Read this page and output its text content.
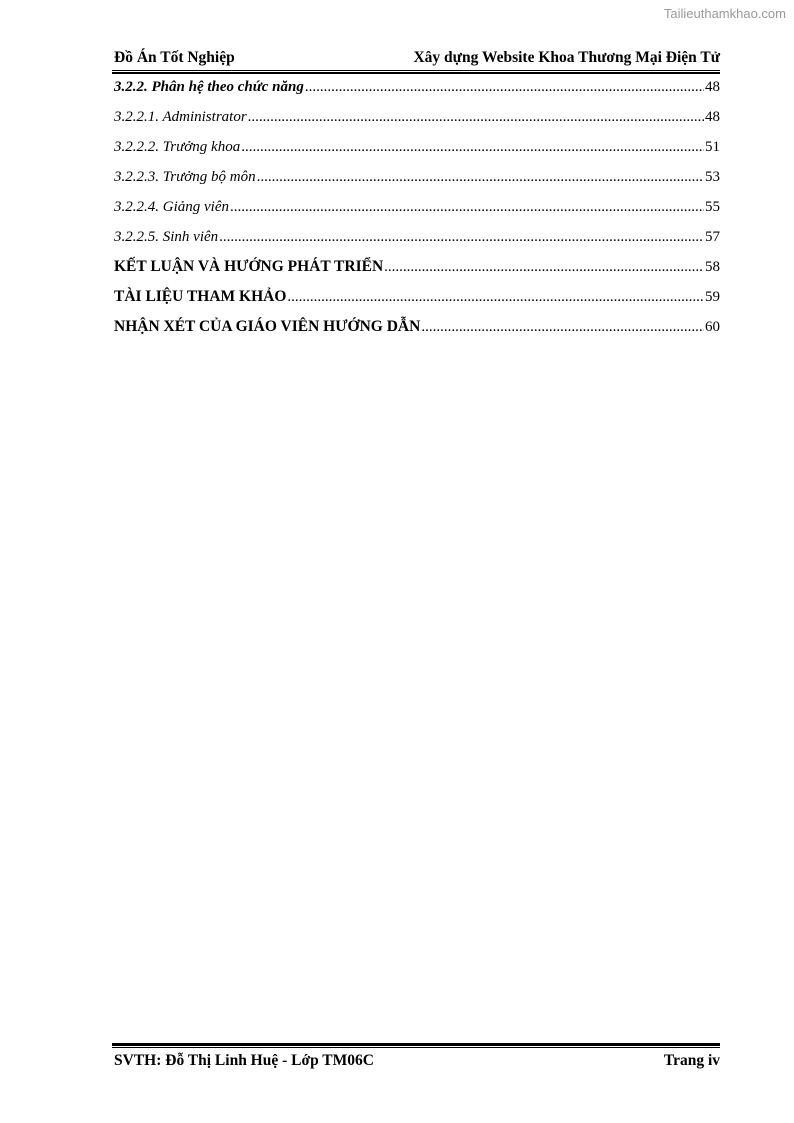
Tailieuthamkhao.com
Đồ Án Tốt Nghiệp	Xây dựng Website Khoa Thương Mại Điện Tử
3.2.2. Phân hệ theo chức năng .....	48
3.2.2.1. Administrator .....	48
3.2.2.2. Trưởng khoa .....	51
3.2.2.3. Trưởng bộ môn .....	53
3.2.2.4. Giảng viên .....	55
3.2.2.5. Sinh viên .....	57
KẾT LUẬN VÀ HƯỚNG PHÁT TRIỂN .....	58
TÀI LIỆU THAM KHẢO .....	59
NHẬN XÉT CỦA GIÁO VIÊN HƯỚNG DẪN .....	60
SVTH: Đỗ Thị Linh Huệ - Lớp TM06C	Trang iv
